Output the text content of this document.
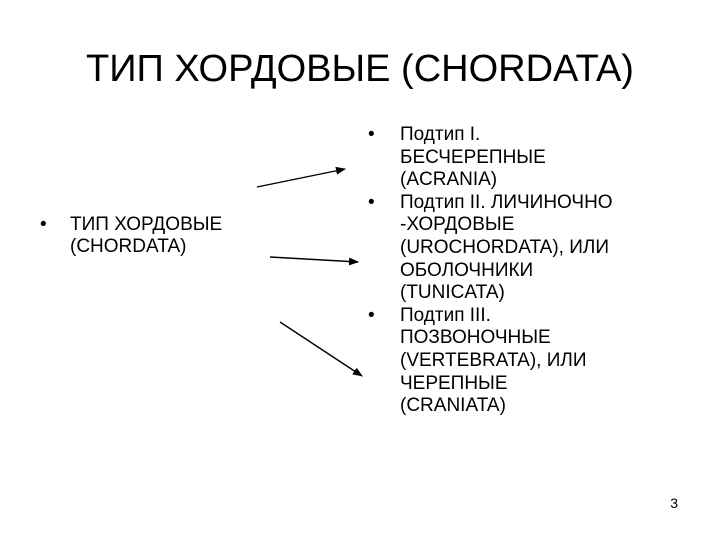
ТИП ХОРДОВЫЕ (CHORDATA)
• ТИП ХОРДОВЫЕ
(CHORDATA)
• Подтип I.
БЕСЧЕРЕПНЫЕ
(ACRANIA)
• Подтип II. ЛИЧИНОЧНО
-ХОРДОВЫЕ
(UROCHORDATA), ИЛИ
ОБОЛОЧНИКИ
(TUNICATA)
• Подтип III.
ПОЗВОНОЧНЫЕ
(VERTEBRATA), ИЛИ
ЧЕРЕПНЫЕ
(CRANIATA)
3
